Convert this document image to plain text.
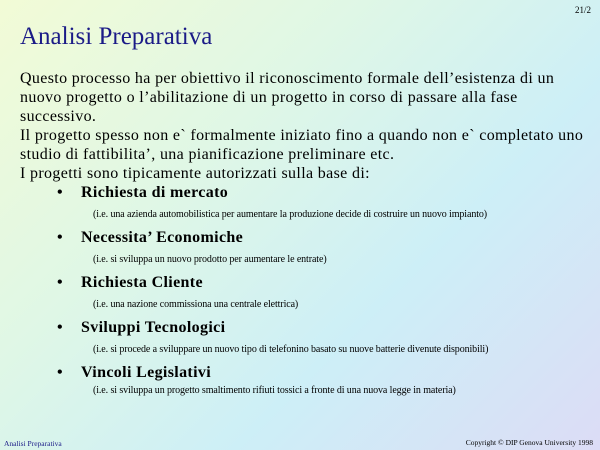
21/2
Analisi Preparativa

Questo processo ha per obiettivo il riconoscimento formale dell’esistenza di un nuovo progetto o l’abilitazione di un progetto in corso di passare alla fase successivo.

Il progetto spesso non e` formalmente iniziato fino a quando non e` completato uno studio di fattibilita’, una pianificazione preliminare etc.

I progetti sono tipicamente autorizzati sulla base di:

• Richiesta di mercato
(i.e. una azienda automobilistica per aumentare la produzione decide di costruire un nuovo impianto)
• Necessita’ Economiche
(i.e. si sviluppa un nuovo prodotto per aumentare le entrate)
• Richiesta Cliente
(i.e. una nazione commissiona una centrale elettrica)
• Sviluppi Tecnologici
(i.e. si procede a sviluppare un nuovo tipo di telefonino basato su nuove batterie divenute disponibili)
• Vincoli Legislativi
(i.e. si sviluppa un progetto smaltimento rifiuti tossici a fronte di una nuova legge in materia)
Analisi Preparativa	Copyright © DIP Genova University 1998
